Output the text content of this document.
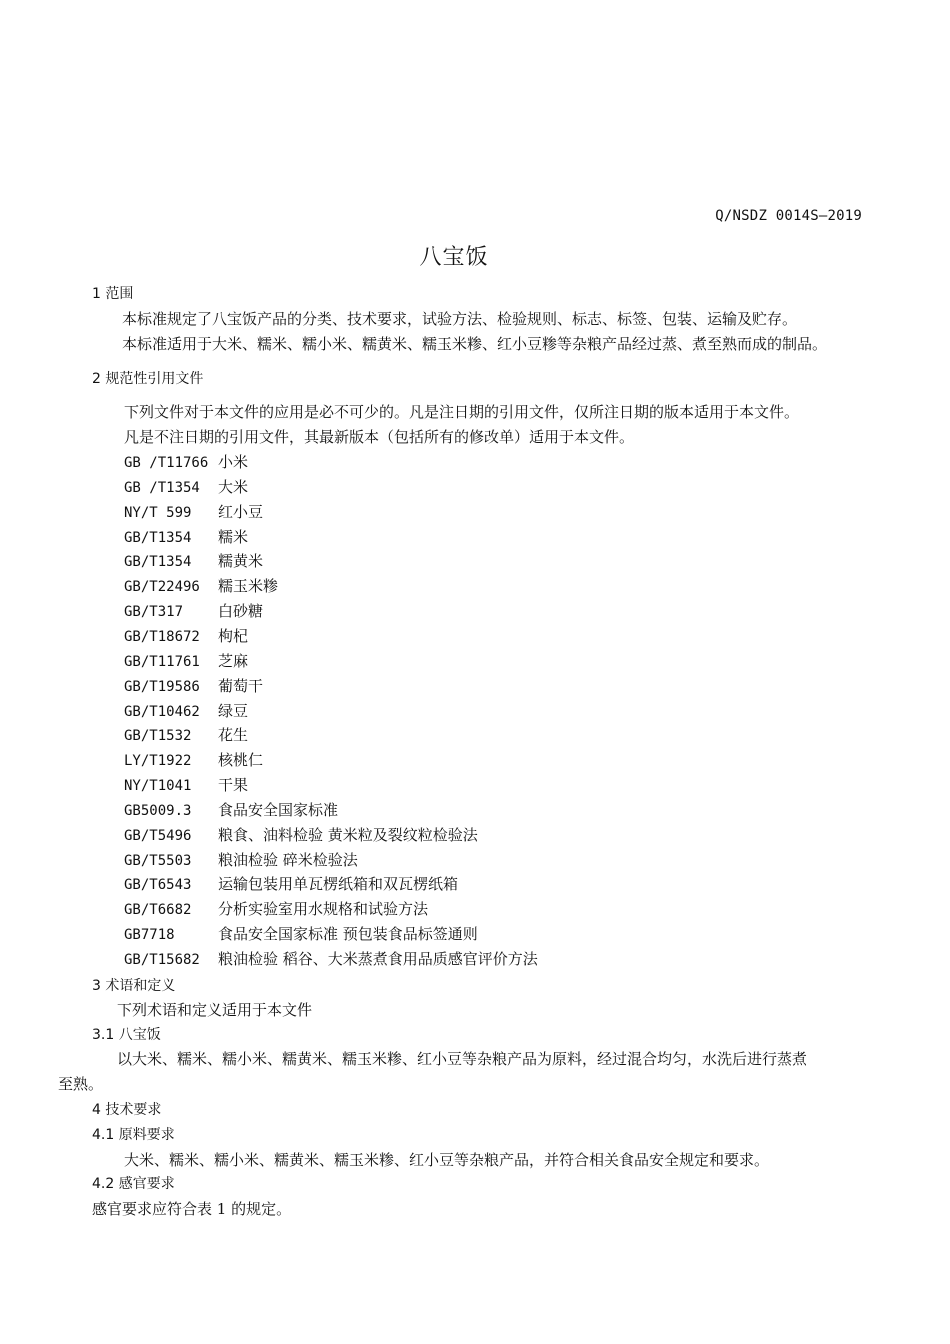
Q/NSDZ 0014S—2019
八宝饭
1 范围
本标准规定了八宝饭产品的分类、技术要求，试验方法、检验规则、标志、标签、包装、运输及贮存。
本标准适用于大米、糯米、糯小米、糯黄米、糯玉米糁、红小豆糁等杂粮产品经过蒸、煮至熟而成的制品。
2 规范性引用文件
下列文件对于本文件的应用是必不可少的。凡是注日期的引用文件，仅所注日期的版本适用于本文件。
凡是不注日期的引用文件，其最新版本（包括所有的修改单）适用于本文件。
GB /T11766 小米
GB /T1354 大米
NY/T 599 红小豆
GB/T1354 糯米
GB/T1354 糯黄米
GB/T22496 糯玉米糁
GB/T317 白砂糖
GB/T18672 枸杞
GB/T11761 芝麻
GB/T19586 葡萄干
GB/T10462 绿豆
GB/T1532 花生
LY/T1922 核桃仁
NY/T1041 干果
GB5009.3 食品安全国家标准
GB/T5496 粮食、油料检验 黄米粒及裂纹粒检验法
GB/T5503 粮油检验 碎米检验法
GB/T6543 运输包装用单瓦楞纸箱和双瓦楞纸箱
GB/T6682 分析实验室用水规格和试验方法
GB7718	食品安全国家标准 预包装食品标签通则
GB/T15682 粮油检验 稻谷、大米蒸煮食用品质感官评价方法
3 术语和定义
下列术语和定义适用于本文件
3.1 八宝饭
以大米、糯米、糯小米、糯黄米、糯玉米糁、红小豆等杂粮产品为原料，经过混合均匀，水洗后进行蒸煮
至熟。
4 技术要求
4.1 原料要求
大米、糯米、糯小米、糯黄米、糯玉米糁、红小豆等杂粮产品，并符合相关食品安全规定和要求。
4.2 感官要求
感官要求应符合表 1 的规定。
